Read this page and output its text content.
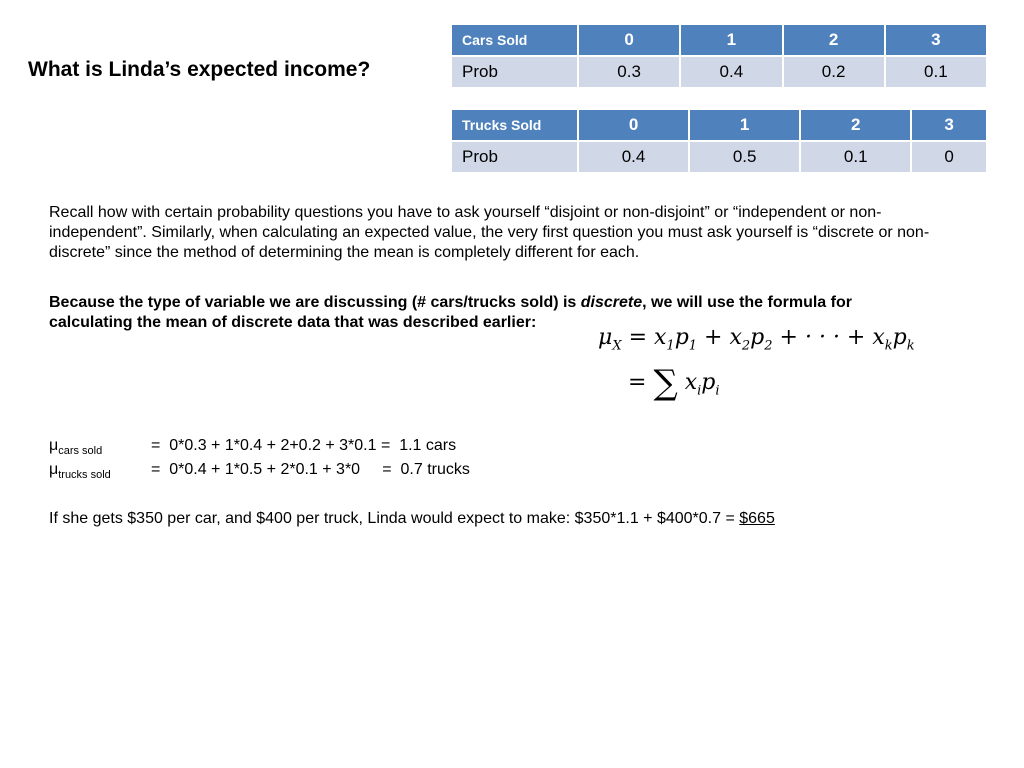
What is Linda’s expected income?
Cars Sold	0	1	2	3
Prob	0.3	0.4	0.2	0.1
Trucks Sold	0	1	2	3
Prob	0.4	0.5	0.1	0
Recall how with certain probability questions you have to ask yourself “disjoint or non-disjoint” or “independent or non-independent”. Similarly, when calculating an expected value, the very first question you must ask yourself is “discrete or non-discrete” since the method of determining the mean is completely different for each.
Because the type of variable we are discussing (# cars/trucks sold) is discrete, we will use the formula for calculating the mean of discrete data that was described earlier:
$\mu_X = x_1p_1 + x_2p_2$ + · · · + $x_kp_k$
= ∑ $x_ip_i$
$\mu_{cars sold}$	=  0*0.3 + 1*0.4 + 2+0.2 + 3*0.1 =  1.1 cars
$\mu_{trucks sold}$	=  0*0.4 + 1*0.5 + 2*0.1 + 3*0     =  0.7 trucks
If she gets $350 per car, and $400 per truck, Linda would expect to make: $350*1.1 + $400*0.7 = $665
